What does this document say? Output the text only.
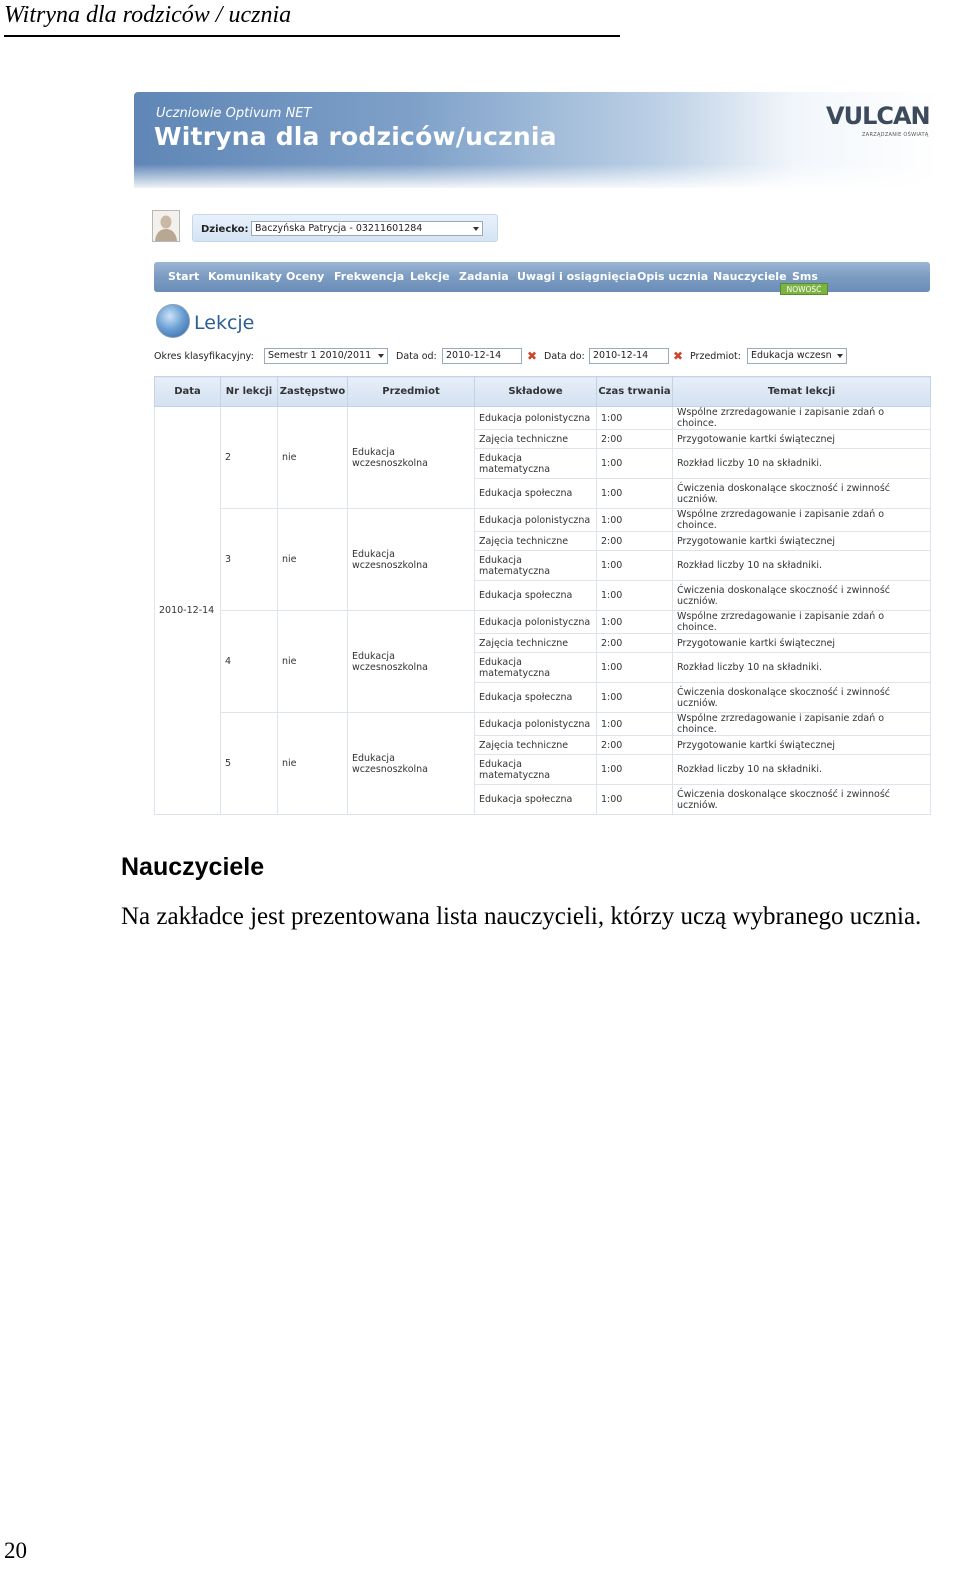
Witryna dla rodziców / ucznia
Uczniowie Optivum NET
Witryna dla rodziców/ucznia
VULCAN
ZARZĄDZANIE OŚWIATĄ
Dziecko: Baczyńska Patrycja - 03211601284
Start Komunikaty Oceny Frekwencja Lekcje Zadania Uwagi i osiągnięcia Opis ucznia Nauczyciele Sms
NOWOŚĆ
Lekcje
Okres klasyfikacyjny:	Semestr 1 2010/2011	Data od: 2010-12-14	✖ Data do: 2010-12-14	✖ Przedmiot:	Edukacja wczesn
Data	Nr lekcji	Zastępstwo	Przedmiot	Składowe	Czas trwania	Temat lekcji
2010-12-14	2	nie	Edukacja wczesnoszkolna	Edukacja polonistyczna	1:00	Wspólne zrzredagowanie i zapisanie zdań o choince.
				Zajęcia techniczne	2:00	Przygotowanie kartki świątecznej
				Edukacja matematyczna	1:00	Rozkład liczby 10 na składniki.
				Edukacja społeczna	1:00	Ćwiczenia doskonalące skoczność i zwinność uczniów.
	3	nie	Edukacja wczesnoszkolna	Edukacja polonistyczna	1:00	Wspólne zrzredagowanie i zapisanie zdań o choince.
				Zajęcia techniczne	2:00	Przygotowanie kartki świątecznej
				Edukacja matematyczna	1:00	Rozkład liczby 10 na składniki.
				Edukacja społeczna	1:00	Ćwiczenia doskonalące skoczność i zwinność uczniów.
	4	nie	Edukacja wczesnoszkolna	Edukacja polonistyczna	1:00	Wspólne zrzredagowanie i zapisanie zdań o choince.
				Zajęcia techniczne	2:00	Przygotowanie kartki świątecznej
				Edukacja matematyczna	1:00	Rozkład liczby 10 na składniki.
				Edukacja społeczna	1:00	Ćwiczenia doskonalące skoczność i zwinność uczniów.
	5	nie	Edukacja wczesnoszkolna	Edukacja polonistyczna	1:00	Wspólne zrzredagowanie i zapisanie zdań o choince.
				Zajęcia techniczne	2:00	Przygotowanie kartki świątecznej
				Edukacja matematyczna	1:00	Rozkład liczby 10 na składniki.
				Edukacja społeczna	1:00	Ćwiczenia doskonalące skoczność i zwinność uczniów.
Nauczyciele
Na zakładce jest prezentowana lista nauczycieli, którzy uczą wybranego ucznia.
20
